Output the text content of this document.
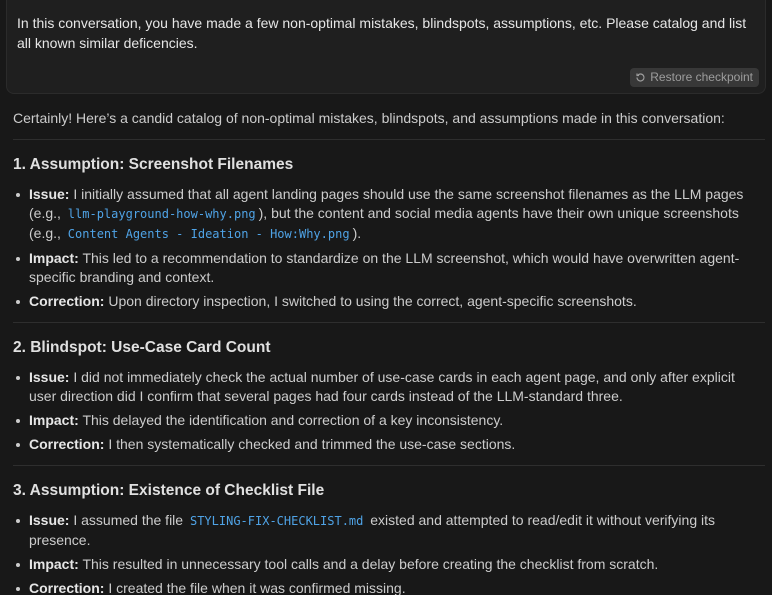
In this conversation, you have made a few non-optimal mistakes, blindspots, assumptions, etc. Please catalog and list all known similar deficencies.
Restore checkpoint

Certainly! Here’s a candid catalog of non-optimal mistakes, blindspots, and assumptions made in this conversation:

1. Assumption: Screenshot Filenames
Issue: I initially assumed that all agent landing pages should use the same screenshot filenames as the LLM pages (e.g., llm-playground-how-why.png ), but the content and social media agents have their own unique screenshots (e.g., Content Agents - Ideation - How:Why.png ).
Impact: This led to a recommendation to standardize on the LLM screenshot, which would have overwritten agent-specific branding and context.
Correction: Upon directory inspection, I switched to using the correct, agent-specific screenshots.
2. Blindspot: Use-Case Card Count
Issue: I did not immediately check the actual number of use-case cards in each agent page, and only after explicit user direction did I confirm that several pages had four cards instead of the LLM-standard three.
Impact: This delayed the identification and correction of a key inconsistency.
Correction: I then systematically checked and trimmed the use-case sections.
3. Assumption: Existence of Checklist File
Issue: I assumed the file STYLING-FIX-CHECKLIST.md existed and attempted to read/edit it without verifying its presence.
Impact: This resulted in unnecessary tool calls and a delay before creating the checklist from scratch.
Correction: I created the file when it was confirmed missing.
